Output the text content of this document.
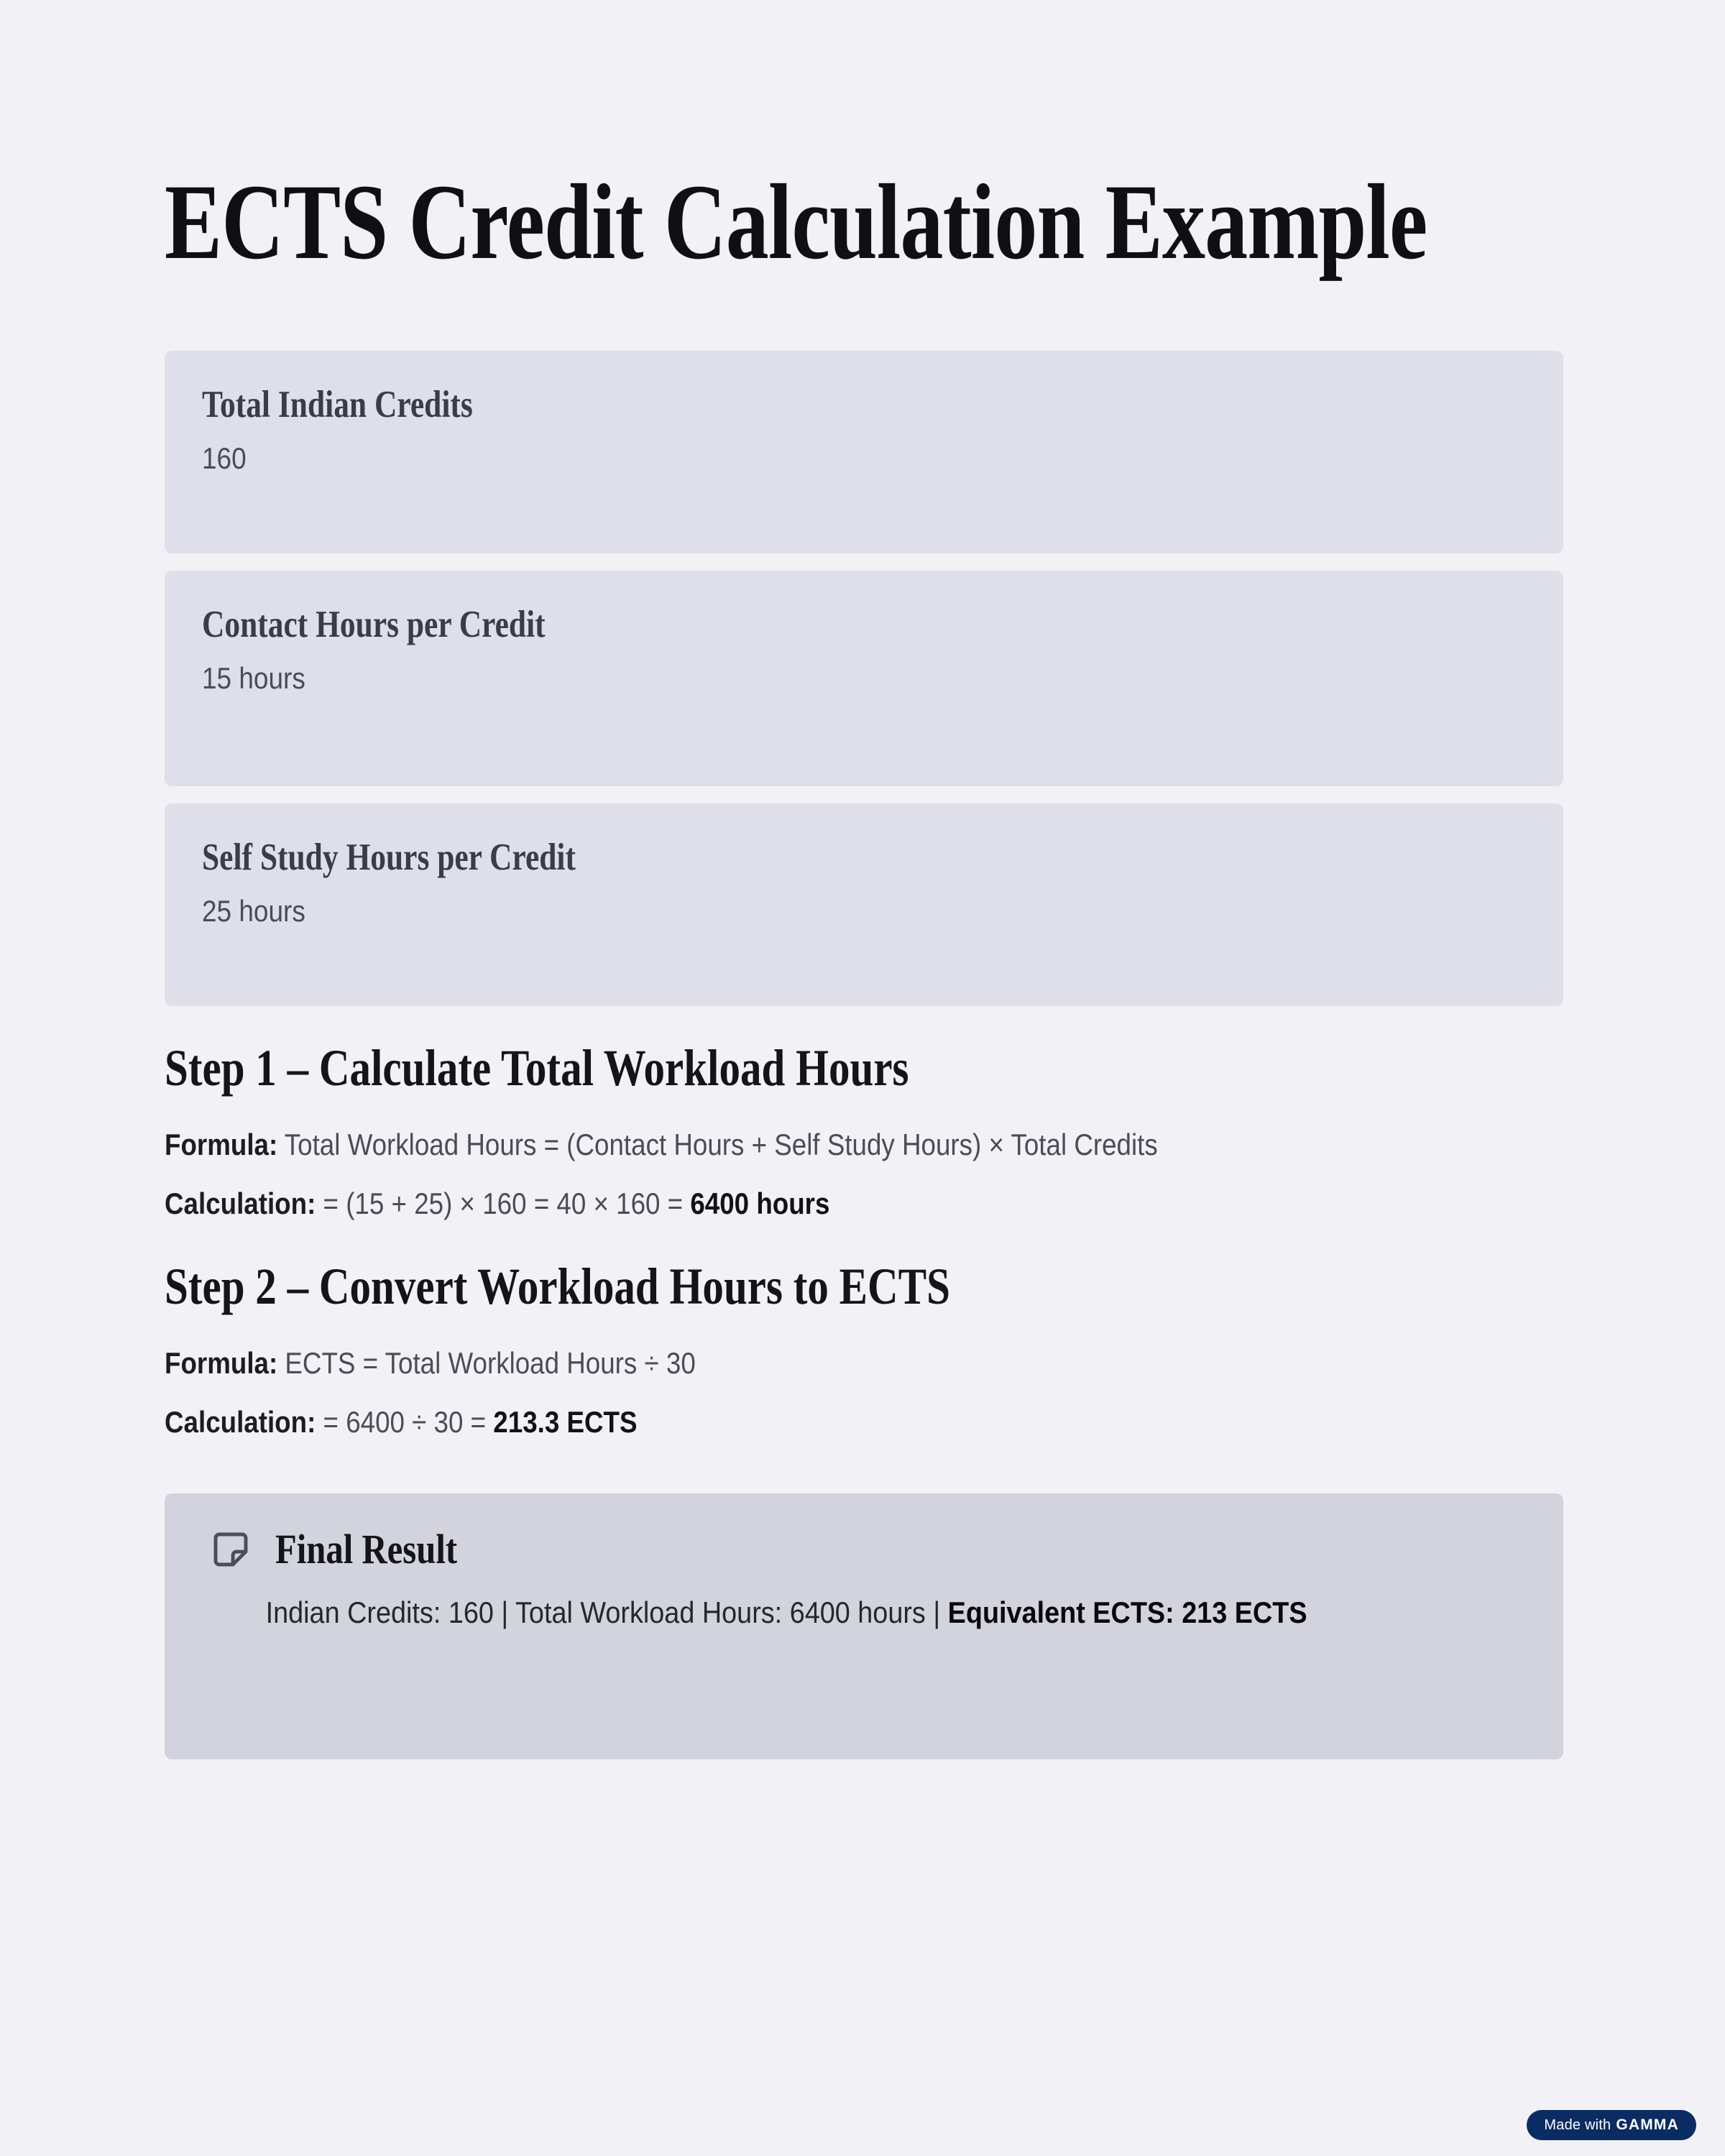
ECTS Credit Calculation Example
Total Indian Credits
160
Contact Hours per Credit
15 hours
Self Study Hours per Credit
25 hours
Step 1 – Calculate Total Workload Hours

Formula: Total Workload Hours = (Contact Hours + Self Study Hours) × Total Credits

Calculation: = (15 + 25) × 160 = 40 × 160 = 6400 hours

Step 2 – Convert Workload Hours to ECTS

Formula: ECTS = Total Workload Hours ÷ 30

Calculation: = 6400 ÷ 30 = 213.3 ECTS

Final Result
Indian Credits: 160 | Total Workload Hours: 6400 hours | Equivalent ECTS: 213 ECTS
Made with GAMMA
